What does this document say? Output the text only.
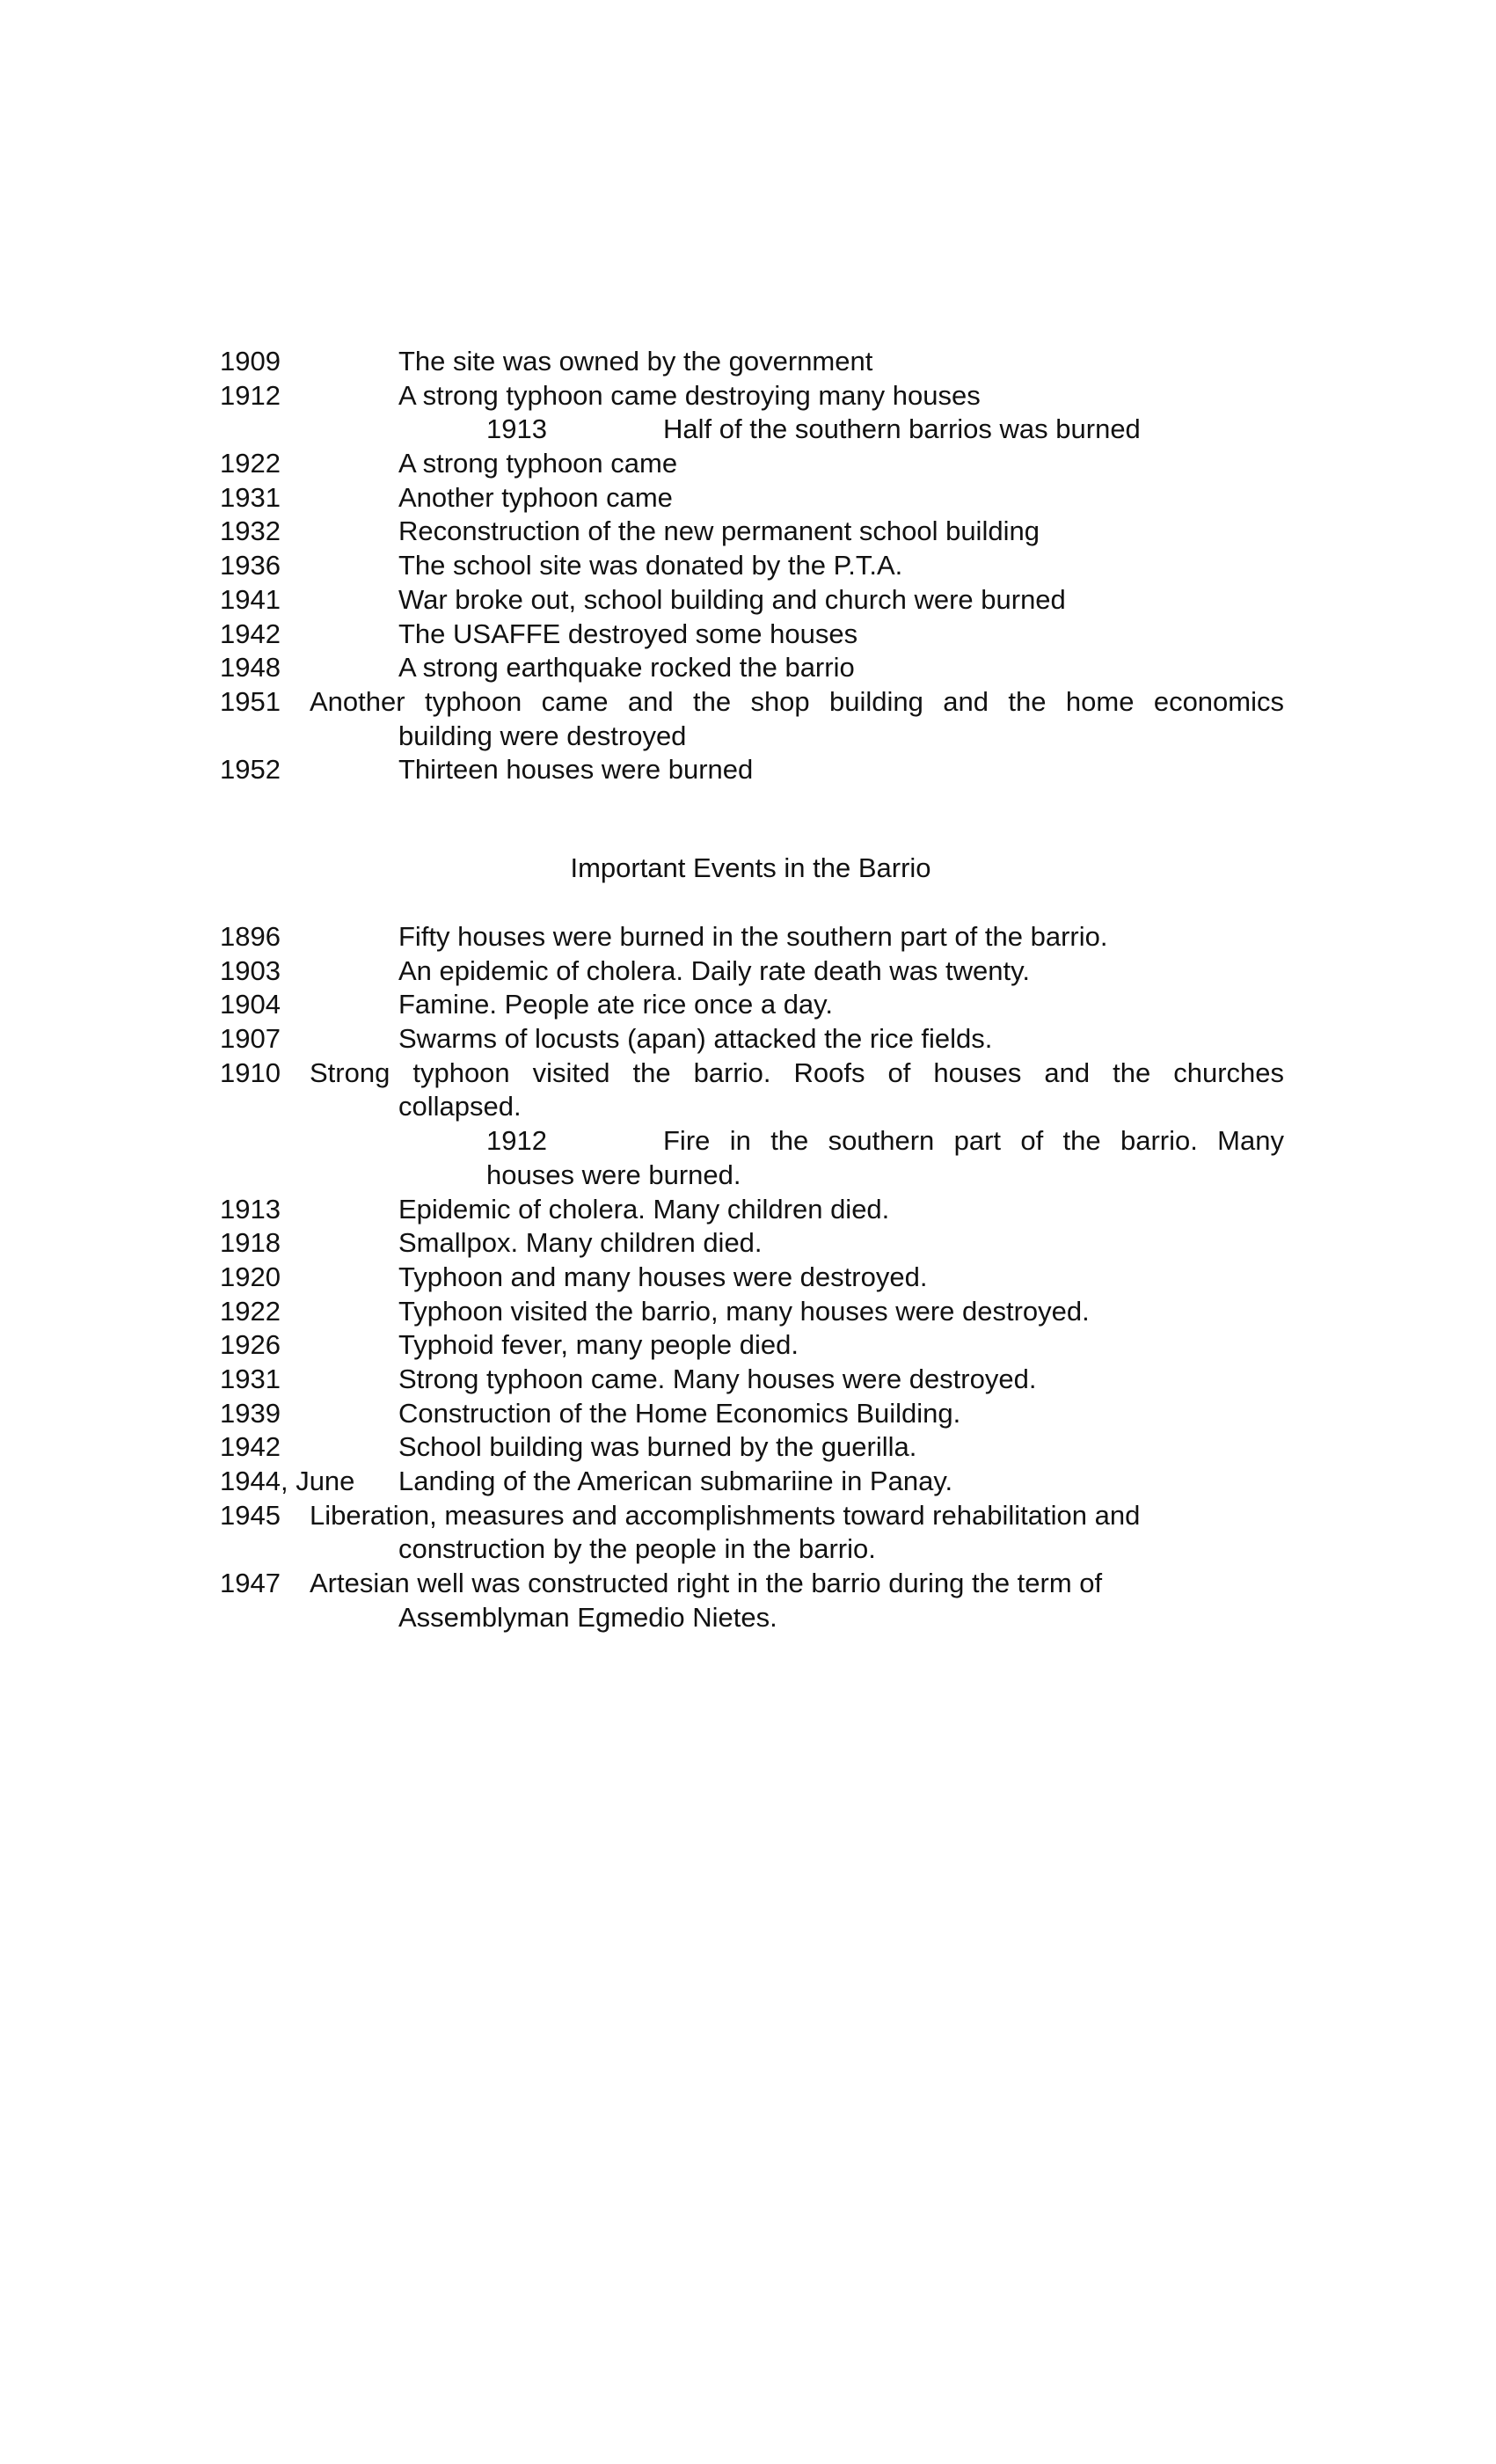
1909	The site was owned by the government
1912	A strong typhoon came destroying many houses
1913	Half of the southern barrios was burned
1922	A strong typhoon came
1931	Another typhoon came
1932	Reconstruction of the new permanent school building
1936	The school site was donated by the P.T.A.
1941	War broke out, school building and church were burned
1942	The USAFFE destroyed some houses
1948	A strong earthquake rocked the barrio
1951 Another typhoon came and the shop building and the home economics
building were destroyed
1952	Thirteen houses were burned
Important Events in the Barrio
1896	Fifty houses were burned in the southern part of the barrio.
1903	An epidemic of cholera. Daily rate death was twenty.
1904	Famine. People ate rice once a day.
1907	Swarms of locusts (apan) attacked the rice fields.
1910 Strong typhoon visited the barrio. Roofs of houses and the churches
collapsed.
1912	Fire in the southern part of the barrio. Many
houses were burned.
1913	Epidemic of cholera. Many children died.
1918	Smallpox. Many children died.
1920	Typhoon and many houses were destroyed.
1922	Typhoon visited the barrio, many houses were destroyed.
1926	Typhoid fever, many people died.
1931	Strong typhoon came. Many houses were destroyed.
1939	Construction of the Home Economics Building.
1942	School building was burned by the guerilla.
1944, June Landing of the American submariine in Panay.
1945 Liberation, measures and accomplishments toward rehabilitation and
construction by the people in the barrio.
1947 Artesian well was constructed right in the barrio during the term of
Assemblyman Egmedio Nietes.
